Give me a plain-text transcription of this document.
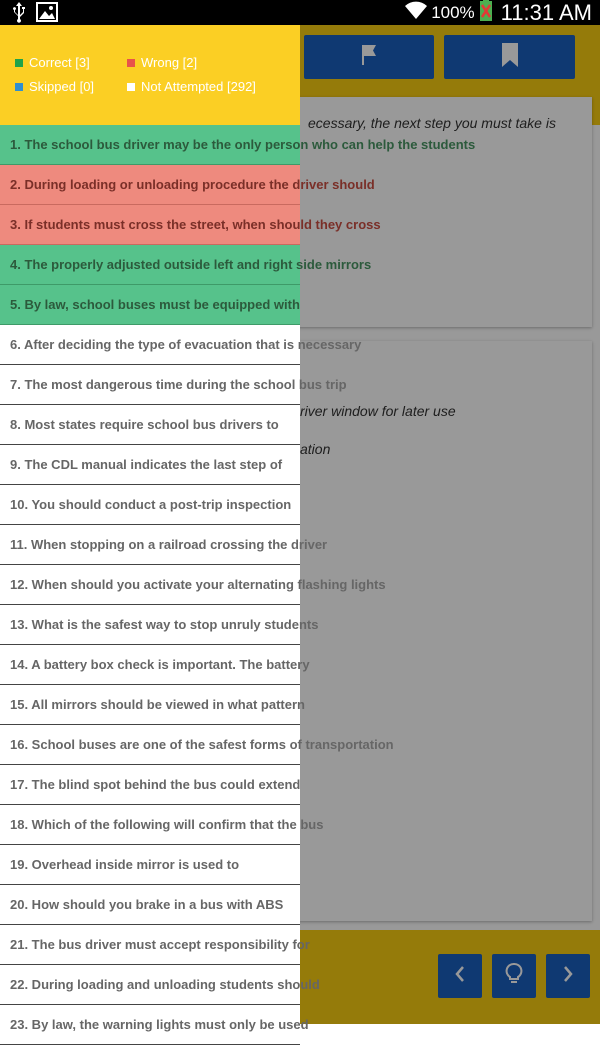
100% 11:31 AM
ecessary, the next step you must take is
river window for later use
ation
Correct [3]	Wrong [2]
Skipped [0]	Not Attempted [292]
1. The school bus driver may be the only person who can help the students
2. During loading or unloading procedure the driver should
3. If students must cross the street, when should they cross
4. The properly adjusted outside left and right side mirrors
5. By law, school buses must be equipped with
6. After deciding the type of evacuation that is necessary
7. The most dangerous time during the school bus trip
8. Most states require school bus drivers to
9. The CDL manual indicates the last step of
10. You should conduct a post-trip inspection
11. When stopping on a railroad crossing the driver
12. When should you activate your alternating flashing lights
13. What is the safest way to stop unruly students
14. A battery box check is important. The battery
15. All mirrors should be viewed in what pattern
16. School buses are one of the safest forms of transportation
17. The blind spot behind the bus could extend
18. Which of the following will confirm that the bus
19. Overhead inside mirror is used to
20. How should you brake in a bus with ABS
21. The bus driver must accept responsibility for
22. During loading and unloading students should
23. By law, the warning lights must only be used
